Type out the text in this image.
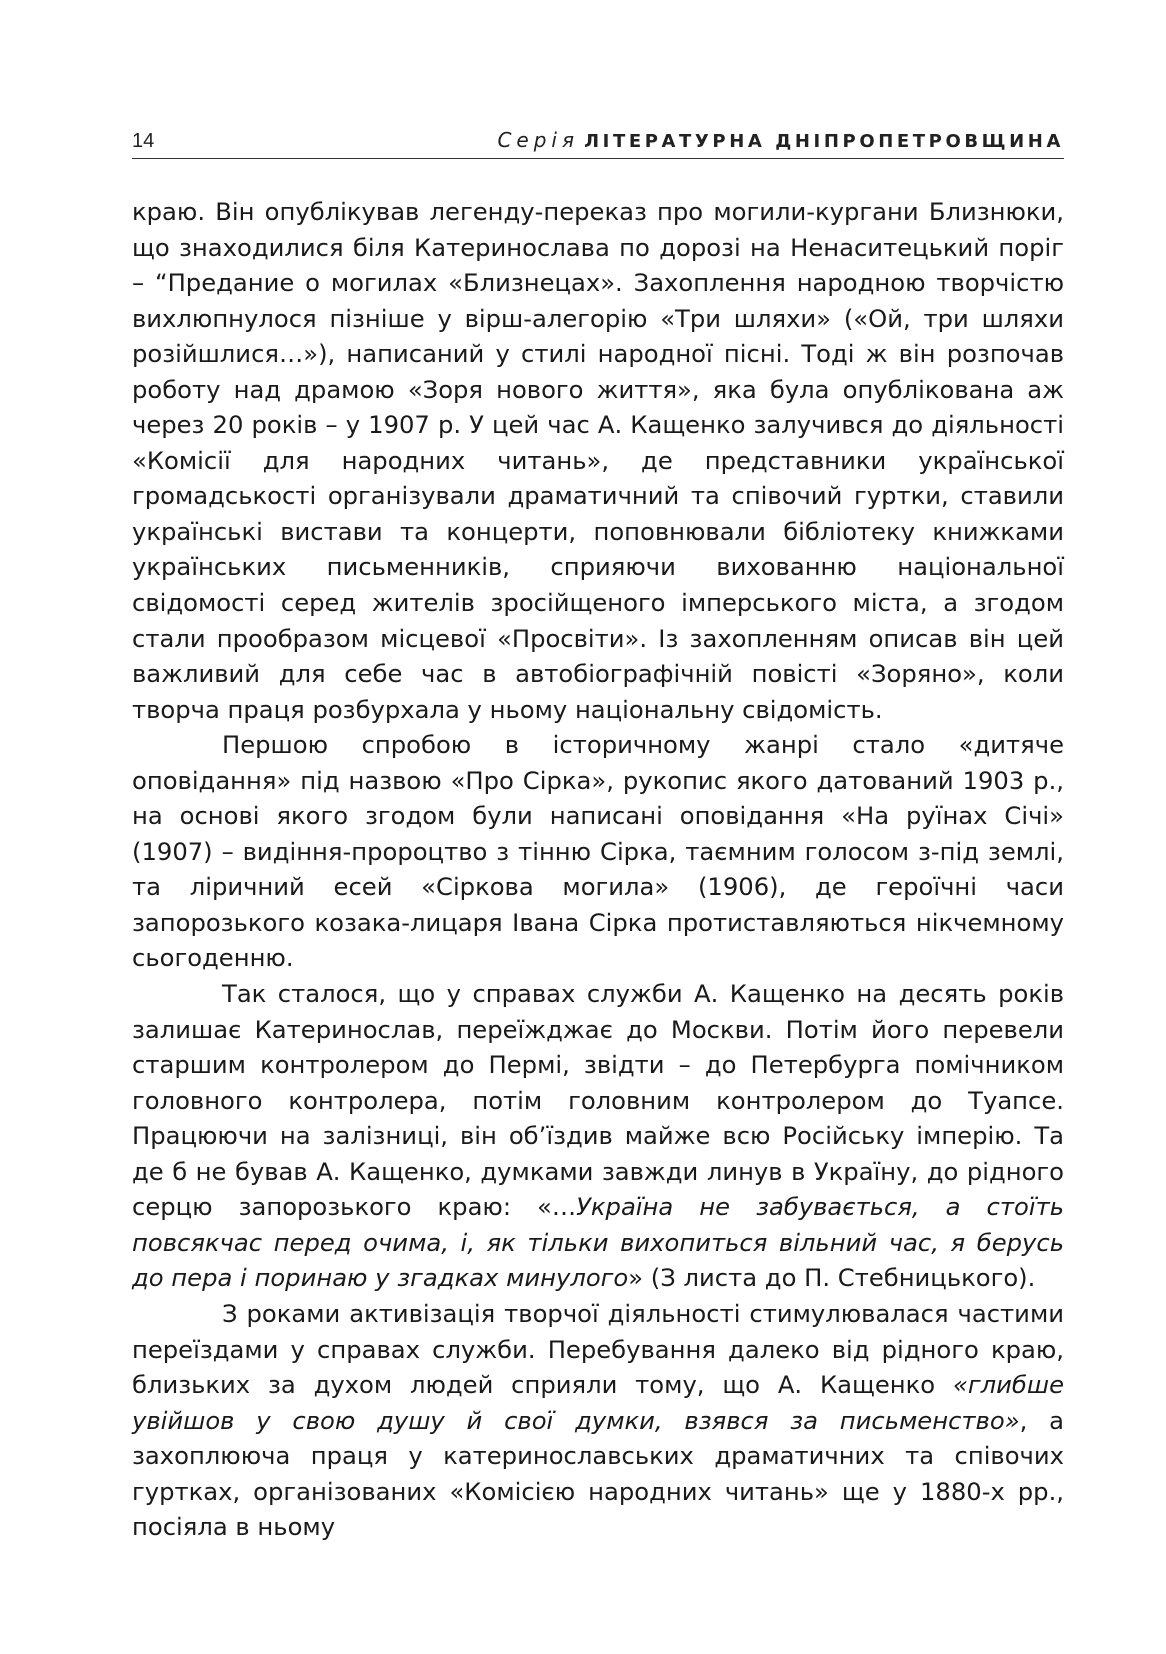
14	Серія ЛІТЕРАТУРНА ДНІПРОПЕТРОВЩИНА

краю. Він опублікував легенду-переказ про могили-кургани Близнюки, що знаходилися біля Катеринослава по дорозі на Ненаситецький поріг – “Предание о могилах «Близнецах». Захоплення народною творчістю вихлюпнулося пізніше у вірш-алегорію «Три шляхи» («Ой, три шляхи розійшлися…»), написаний у стилі народної пісні. Тоді ж він розпочав роботу над драмою «Зоря нового життя», яка була опублікована аж через 20 років – у 1907 р. У цей час А. Кащенко залучився до діяльності «Комісії для народних читань», де представники української громадськості організували драматичний та співочий гуртки, ставили українські вистави та концерти, поповнювали бібліотеку книжками українських письменників, сприяючи вихованню національної свідомості серед жителів зросійщеного імперського міста, а згодом стали прообразом місцевої «Просвіти». Із захопленням описав він цей важливий для себе час в автобіографічній повісті «Зоряно», коли творча праця розбурхала у ньому національну свідомість.

Першою спробою в історичному жанрі стало «дитяче оповідання» під назвою «Про Сірка», рукопис якого датований 1903 р., на основі якого згодом були написані оповідання «На руїнах Січі» (1907) – видіння-пророцтво з тінню Сірка, таємним голосом з-під землі, та ліричний есей «Сіркова могила» (1906), де героїчні часи запорозького козака-лицаря Івана Сірка протиставляються нікчемному сьогоденню.

Так сталося, що у справах служби А. Кащенко на десять років залишає Катеринослав, переїжджає до Москви. Потім його перевели старшим контролером до Пермі, звідти – до Петербурга помічником головного контролера, потім головним контролером до Туапсе. Працюючи на залізниці, він об’їздив майже всю Російську імперію. Та де б не бував А. Кащенко, думками завжди линув в Україну, до рідного серцю запорозького краю: «…Україна не забувається, а стоїть повсякчас перед очима, і, як тільки вихопиться вільний час, я берусь до пера і поринаю у згадках минулого» (З листа до П. Стебницького).

З роками активізація творчої діяльності стимулювалася частими переїздами у справах служби. Перебування далеко від рідного краю, близьких за духом людей сприяли тому, що А. Кащенко «глибше увійшов у свою душу й свої думки, взявся за письменство», а захоплююча праця у катеринославських драматичних та співочих гуртках, організованих «Комісією народних читань» ще у 1880-х рр., посіяла в ньому
